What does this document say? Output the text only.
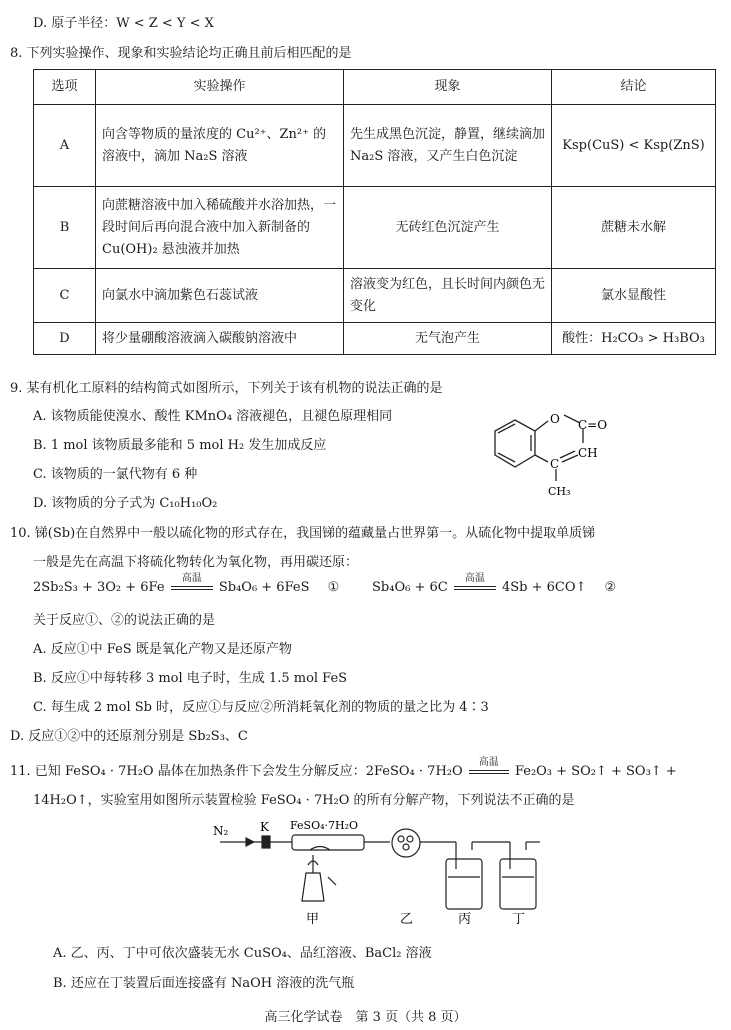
D. 原子半径：W < Z < Y < X
8. 下列实验操作、现象和实验结论均正确且前后相匹配的是
选项	实验操作	现象	结论
A	向含等物质的量浓度的 Cu²⁺、Zn²⁺ 的溶液中，滴加 Na₂S 溶液	先生成黑色沉淀，静置，继续滴加 Na₂S 溶液，又产生白色沉淀	Ksp(CuS) < Ksp(ZnS)
B	向蔗糖溶液中加入稀硫酸并水浴加热，一段时间后再向混合液中加入新制备的 Cu(OH)₂ 悬浊液并加热	无砖红色沉淀产生	蔗糖未水解
C	向氯水中滴加紫色石蕊试液	溶液变为红色，且长时间内颜色无变化	氯水显酸性
D	将少量硼酸溶液滴入碳酸钠溶液中	无气泡产生	酸性：H₂CO₃ > H₃BO₃
9. 某有机化工原料的结构简式如图所示，下列关于该有机物的说法正确的是
A. 该物质能使溴水、酸性 KMnO₄ 溶液褪色，且褪色原理相同
B. 1 mol 该物质最多能和 5 mol H₂ 发生加成反应
C. 该物质的一氯代物有 6 种
D. 该物质的分子式为 C₁₀H₁₀O₂
O C=O
CH
C
CH₃
10. 锑(Sb)在自然界中一般以硫化物的形式存在，我国锑的蕴藏量占世界第一。从硫化物中提取单质锑
一般是先在高温下将硫化物转化为氧化物，再用碳还原：
2Sb₂S₃ + 3O₂ + 6Fe
高温
Sb₄O₆ + 6FeS ①	Sb₄O₆ + 6C
高温
4Sb + 6CO↑ ②
关于反应①、②的说法正确的是
A. 反应①中 FeS 既是氧化产物又是还原产物
B. 反应①中每转移 3 mol 电子时，生成 1.5 mol FeS
C. 每生成 2 mol Sb 时，反应①与反应②所消耗氧化剂的物质的量之比为 4∶3
D. 反应①②中的还原剂分别是 Sb₂S₃、C
11. 已知 FeSO₄ · 7H₂O 晶体在加热条件下会发生分解反应：2FeSO₄ · 7H₂O
高温
Fe₂O₃ + SO₂↑ + SO₃↑ +
14H₂O↑，实验室用如图所示装置检验 FeSO₄ · 7H₂O 的所有分解产物，下列说法不正确的是
N₂	K FeSO₄·7H₂O
甲	乙	丙	丁
A. 乙、丙、丁中可依次盛装无水 CuSO₄、品红溶液、BaCl₂ 溶液
B. 还应在丁装置后面连接盛有 NaOH 溶液的洗气瓶
高三化学试卷　第 3 页（共 8 页）
